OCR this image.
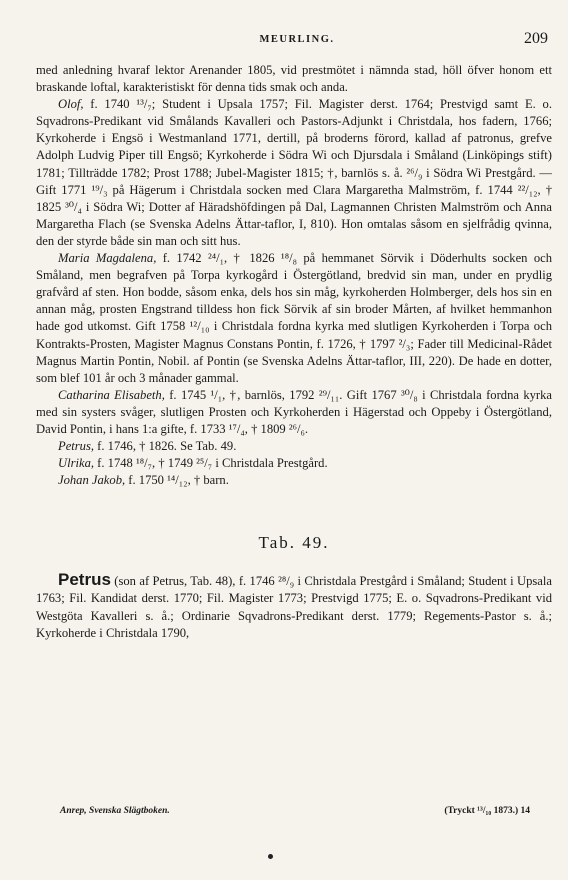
MEURLING.	209

med anledning hvaraf lektor Arenander 1805, vid prestmötet i nämnda stad, höll öfver honom ett braskande loftal, karakteristiskt för denna tids smak och anda.

Olof, f. 1740 ¹³/₇; Student i Upsala 1757; Fil. Magister derst. 1764; Prestvigd samt E. o. Sqvadrons-Predikant vid Smålands Kavalleri och Pastors-Adjunkt i Christdala, hos fadern, 1766; Kyrkoherde i Engsö i Westmanland 1771, dertill, på broderns förord, kallad af patronus, grefve Adolph Ludvig Piper till Engsö; Kyrkoherde i Södra Wi och Djursdala i Småland (Linköpings stift) 1781; Tillträdde 1782; Prost 1788; Jubel-Magister 1815; †, barnlös s. å. ²⁶/₉ i Södra Wi Prestgård. — Gift 1771 ¹⁹/₃ på Hägerum i Christdala socken med Clara Margaretha Malmström, f. 1744 ²²/₁₂, † 1825 ³⁰/₄ i Södra Wi; Dotter af Häradshöfdingen på Dal, Lagmannen Christen Malmström och Anna Margaretha Flach (se Svenska Adelns Ättar-taflor, I, 810). Hon omtalas såsom en sjelfrådig qvinna, den der styrde både sin man och sitt hus.

Maria Magdalena, f. 1742 ²⁴/₁, † 1826 ¹⁸/₈ på hemmanet Sörvik i Döderhults socken och Småland, men begrafven på Torpa kyrkogård i Östergötland, bredvid sin man, under en prydlig grafvård af sten. Hon bodde, såsom enka, dels hos sin måg, kyrkoherden Holmberger, dels hos sin en annan måg, prosten Engstrand tilldess hon fick Sörvik af sin broder Mårten, af hvilket hemmanhon hade god utkomst. Gift 1758 ¹²/₁₀ i Christdala fordna kyrka med slutligen Kyrkoherden i Torpa och Kontrakts-Prosten, Magister Magnus Constans Pontin, f. 1726, † 1797 ²/₃; Fader till Medicinal-Rådet Magnus Martin Pontin, Nobil. af Pontin (se Svenska Adelns Ättar-taflor, III, 220). De hade en dotter, som blef 101 år och 3 månader gammal.

Catharina Elisabeth, f. 1745 ¹/₁, †, barnlös, 1792 ²⁹/₁₁. Gift 1767 ³⁰/₈ i Christdala fordna kyrka med sin systers svåger, slutligen Prosten och Kyrkoherden i Hägerstad och Oppeby i Östergötland, David Pontin, i hans 1:a gifte, f. 1733 ¹⁷/₄, † 1809 ²⁶/₆.

Petrus, f. 1746, † 1826. Se Tab. 49.

Ulrika, f. 1748 ¹⁸/₇, † 1749 ²⁵/₇ i Christdala Prestgård.

Johan Jakob, f. 1750 ¹⁴/₁₂, † barn.

Tab. 49.

Petrus (son af Petrus, Tab. 48), f. 1746 ²⁸/₉ i Christdala Prestgård i Småland; Student i Upsala 1763; Fil. Kandidat derst. 1770; Fil. Magister 1773; Prestvigd 1775; E. o. Sqvadrons-Predikant vid Westgöta Kavalleri s. å.; Ordinarie Sqvadrons-Predikant derst. 1779; Regements-Pastor s. å.; Kyrkoherde i Christdala 1790,

Anrep, Svenska Slägtboken.	(Tryckt ¹³/₁₀ 1873.) 14
